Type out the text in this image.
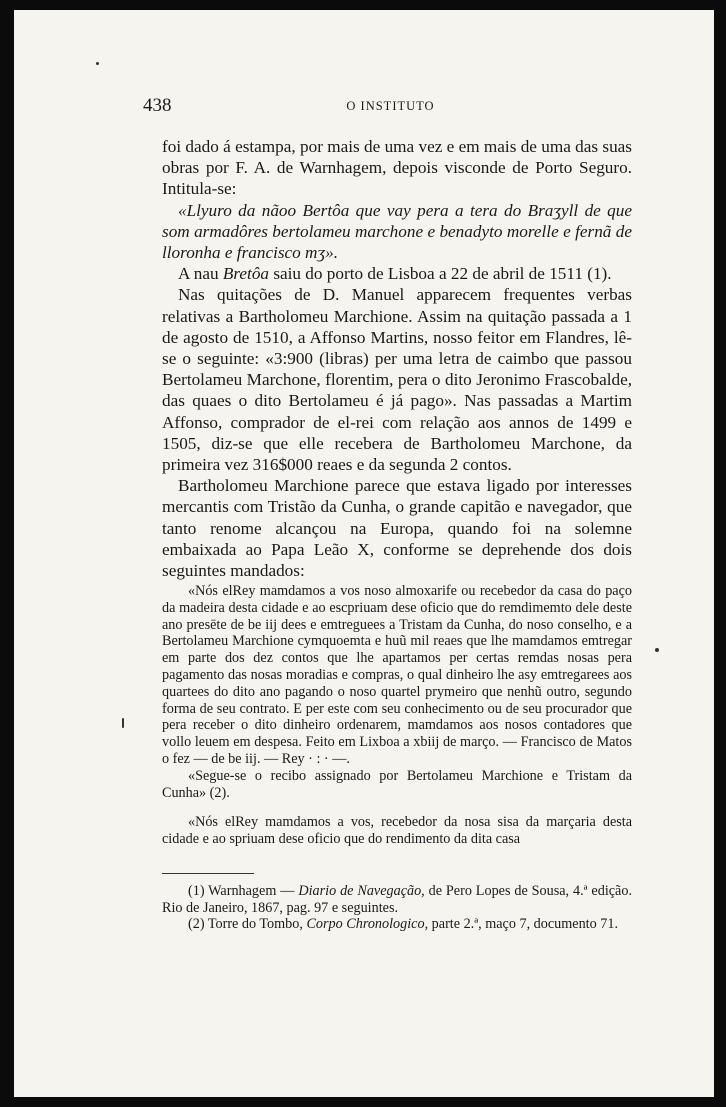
438	O INSTITUTO

foi dado á estampa, por mais de uma vez e em mais de uma das suas obras por F. A. de Warnhagem, depois visconde de Porto Seguro. Intitula-se:

«Llyuro da nãoo Bertôa que vay pera a tera do Braʒyll de que som armadôres bertolameu marchone e benadyto morelle e fernã de lloronha e francisco mʒ».

A nau Bretôa saiu do porto de Lisboa a 22 de abril de 1511 (1).

Nas quitações de D. Manuel apparecem frequentes verbas relativas a Bartholomeu Marchione. Assim na quitação passada a 1 de agosto de 1510, a Affonso Martins, nosso feitor em Flandres, lê-se o seguinte: «3:900 (libras) per uma letra de caimbo que passou Bertolameu Marchone, florentim, pera o dito Jeronimo Frascobalde, das quaes o dito Bertolameu é já pago». Nas passadas a Martim Affonso, comprador de el-rei com relação aos annos de 1499 e 1505, diz-se que elle recebera de Bartholomeu Marchone, da primeira vez 316$000 reaes e da segunda 2 contos.

Bartholomeu Marchione parece que estava ligado por interesses mercantis com Tristão da Cunha, o grande capitão e navegador, que tanto renome alcançou na Europa, quando foi na solemne embaixada ao Papa Leão X, conforme se deprehende dos dois seguintes mandados:

«Nós elRey mamdamos a vos noso almoxarife ou recebedor da casa do paço da madeira desta cidade e ao escpriuam dese oficio que do remdimemto dele deste ano presēte de be iij dees e emtreguees a Tristam da Cunha, do noso conselho, e a Bertolameu Marchione cymquoemta e huũ mil reaes que lhe mamdamos emtregar em parte dos dez contos que lhe apartamos per certas remdas nosas pera pagamento das nosas moradias e compras, o qual dinheiro lhe asy emtregarees aos quartees do dito ano pagando o noso quartel prymeiro que nenhũ outro, segundo forma de seu contrato. E per este com seu conhecimento ou de seu procurador que pera receber o dito dinheiro ordenarem, mamdamos aos nosos contadores que vollo leuem em despesa. Feito em Lixboa a xbiij de março. — Francisco de Matos o fez — de be iij. — Rey · : · —.

«Segue-se o recibo assignado por Bertolameu Marchione e Tristam da Cunha» (2).

«Nós elRey mamdamos a vos, recebedor da nosa sisa da marçaria desta cidade e ao spriuam dese oficio que do rendimento da dita casa

(1) Warnhagem — Diario de Navegação, de Pero Lopes de Sousa, 4.ª edição. Rio de Janeiro, 1867, pag. 97 e seguintes.

(2) Torre do Tombo, Corpo Chronologico, parte 2.ª, maço 7, documento 71.
